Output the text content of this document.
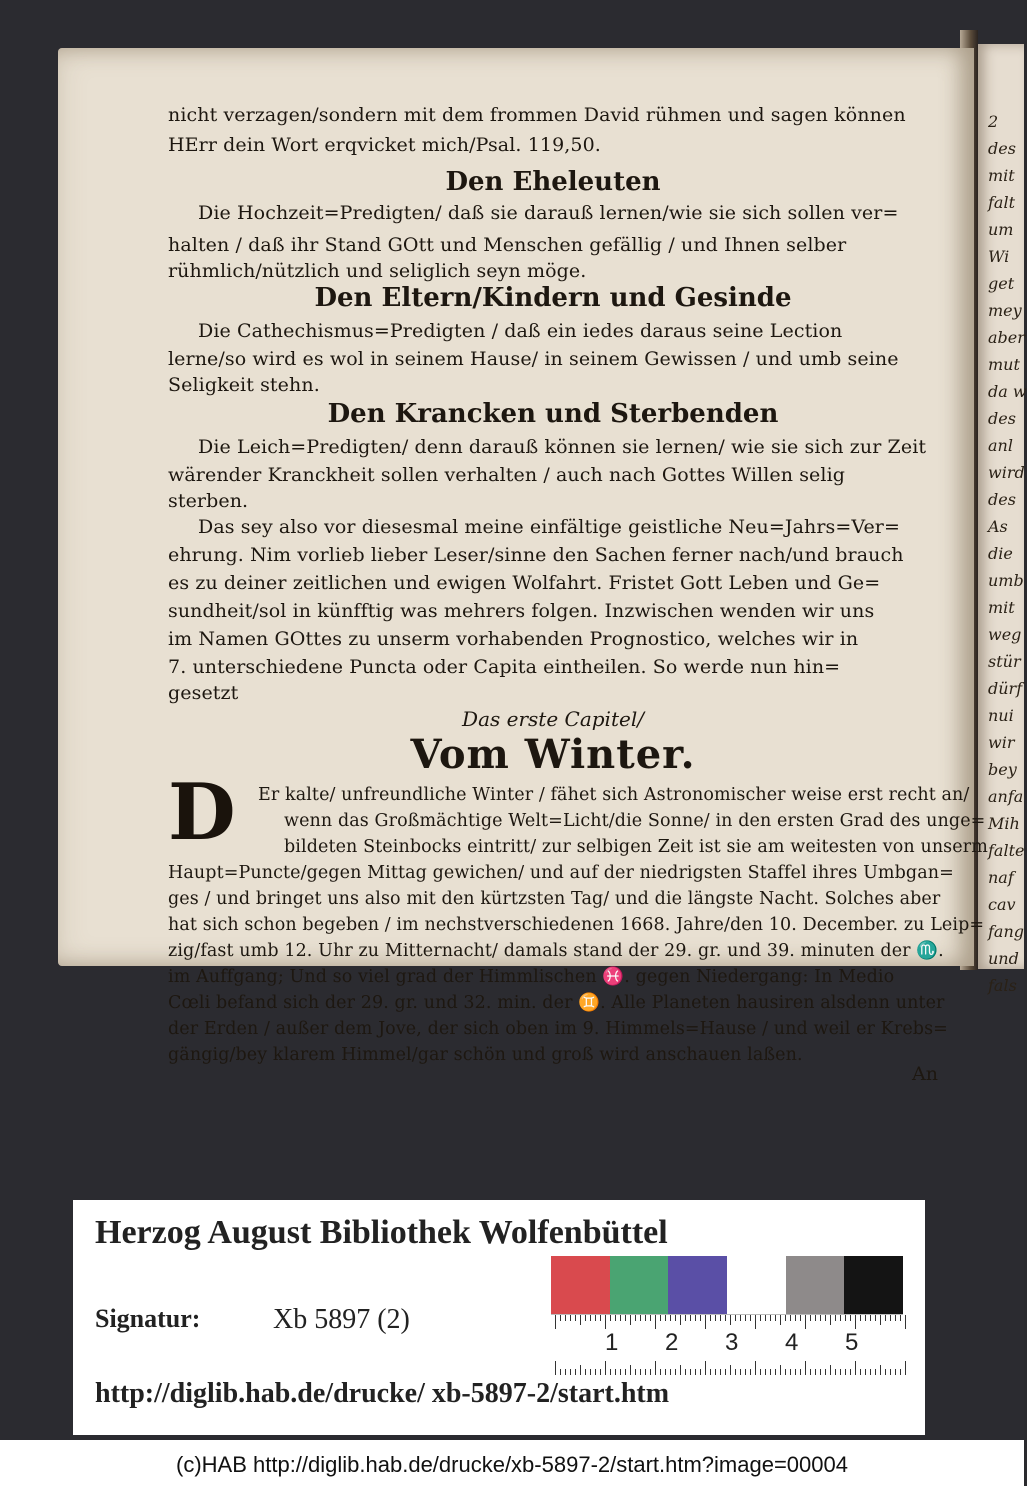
2
des
mit
falt
um
Wi
get
mey
aber
mut
da w
des
anl
wird
des
As
die
umb
mit
weg
stür
dürf
nui
wir
bey
anfa
Mih
falte
naf
cav
fang
und
fals
nicht verzagen/sondern mit dem frommen David rühmen und sagen können
HErr dein Wort erqvicket mich/Psal. 119,50.
Den Eheleuten
Die Hochzeit=Predigten/ daß sie darauß lernen/wie sie sich sollen ver=
halten / daß ihr Stand GOtt und Menschen gefällig / und Ihnen selber
rühmlich/nützlich und seliglich seyn möge.
Den Eltern/Kindern und Gesinde
Die Cathechismus=Predigten / daß ein iedes daraus seine Lection
lerne/so wird es wol in seinem Hause/ in seinem Gewissen / und umb seine
Seligkeit stehn.
Den Krancken und Sterbenden
Die Leich=Predigten/ denn darauß können sie lernen/ wie sie sich zur Zeit
wärender Kranckheit sollen verhalten / auch nach Gottes Willen selig
sterben.
Das sey also vor diesesmal meine einfältige geistliche Neu=Jahrs=Ver=
ehrung. Nim vorlieb lieber Leser/sinne den Sachen ferner nach/und brauch
es zu deiner zeitlichen und ewigen Wolfahrt. Fristet Gott Leben und Ge=
sundheit/sol in künfftig was mehrers folgen. Inzwischen wenden wir uns
im Namen GOttes zu unserm vorhabenden Prognostico, welches wir in
7. unterschiedene Puncta oder Capita eintheilen. So werde nun hin=
gesetzt
Das erste Capitel/
Vom Winter.
D Er kalte/ unfreundliche Winter / fähet sich Astronomischer weise erst recht an/
wenn das Großmächtige Welt=Licht/die Sonne/ in den ersten Grad des unge=
bildeten Steinbocks eintritt/ zur selbigen Zeit ist sie am weitesten von unserm
Haupt=Puncte/gegen Mittag gewichen/ und auf der niedrigsten Staffel ihres Umbgan=
ges / und bringet uns also mit den kürtzsten Tag/ und die längste Nacht. Solches aber
hat sich schon begeben / im nechstverschiedenen 1668. Jahre/den 10. December. zu Leip=
zig/fast umb 12. Uhr zu Mitternacht/ damals stand der 29. gr. und 39. minuten der ♏.
im Auffgang; Und so viel grad der Himmlischen ♓. gegen Niedergang: In Medio
Cœli befand sich der 29. gr. und 32. min. der ♊. Alle Planeten hausiren alsdenn unter
der Erden / außer dem Jove, der sich oben im 9. Himmels=Hause / und weil er Krebs=
gängig/bey klarem Himmel/gar schön und groß wird anschauen laßen.
An
Herzog August Bibliothek Wolfenbüttel
1 2 3 4 5
Signatur:	Xb 5897 (2)
http://diglib.hab.de/drucke/ xb-5897-2/start.htm
(c)HAB http://diglib.hab.de/drucke/xb-5897-2/start.htm?image=00004
